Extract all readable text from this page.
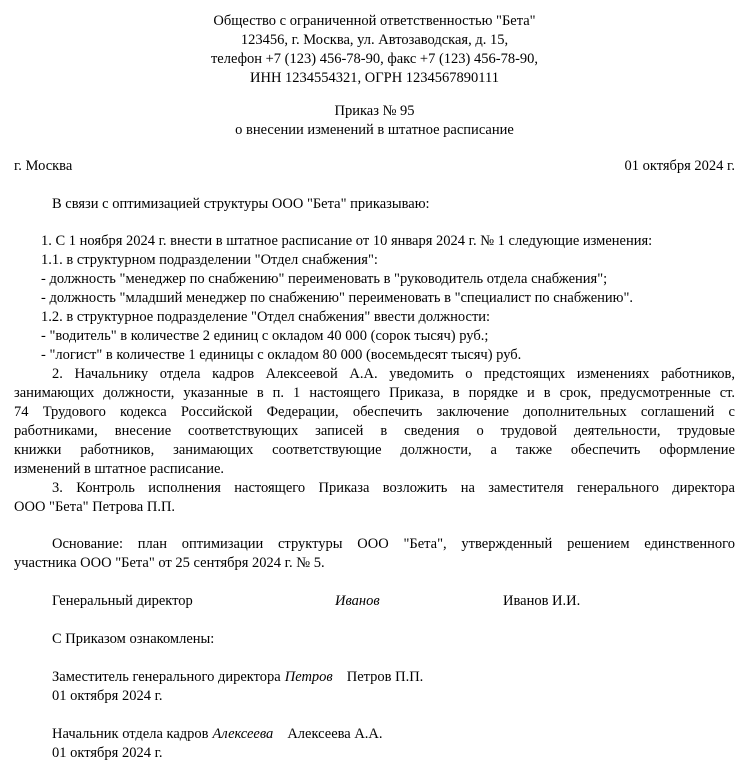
Общество с ограниченной ответственностью "Бета"
123456, г. Москва, ул. Автозаводская, д. 15,
телефон +7 (123) 456-78-90, факс +7 (123) 456-78-90,
ИНН 1234554321, ОГРН 1234567890111
Приказ № 95
о внесении изменений в штатное расписание
г. Москва	01 октября 2024 г.
В связи с оптимизацией структуры ООО "Бета" приказываю:
1. С 1 ноября 2024 г. внести в штатное расписание от 10 января 2024 г. № 1 следующие изменения:
1.1. в структурном подразделении "Отдел снабжения":
- должность "менеджер по снабжению" переименовать в "руководитель отдела снабжения";
- должность "младший менеджер по снабжению" переименовать в "специалист по снабжению".
1.2. в структурное подразделение "Отдел снабжения" ввести должности:
- "водитель" в количестве 2 единиц с окладом 40 000 (сорок тысяч) руб.;
- "логист" в количестве 1 единицы с окладом 80 000 (восемьдесят тысяч) руб.
2. Начальнику отдела кадров Алексеевой А.А. уведомить о предстоящих изменениях работников,
занимающих должности, указанные в п. 1 настоящего Приказа, в порядке и в срок, предусмотренные ст.
74 Трудового кодекса Российской Федерации, обеспечить заключение дополнительных соглашений с
работниками, внесение соответствующих записей в сведения о трудовой деятельности, трудовые
книжки работников, занимающих соответствующие должности, а также обеспечить оформление
изменений в штатное расписание.
3. Контроль исполнения настоящего Приказа возложить на заместителя генерального директора
ООО "Бета" Петрова П.П.
Основание: план оптимизации структуры ООО "Бета", утвержденный решением единственного
участника ООО "Бета" от 25 сентября 2024 г. № 5.
Генеральный директор	Иванов	Иванов И.И.
С Приказом ознакомлены:
Заместитель генерального директора Петров Петров П.П.
01 октября 2024 г.
Начальник отдела кадров Алексеева Алексеева А.А.
01 октября 2024 г.
